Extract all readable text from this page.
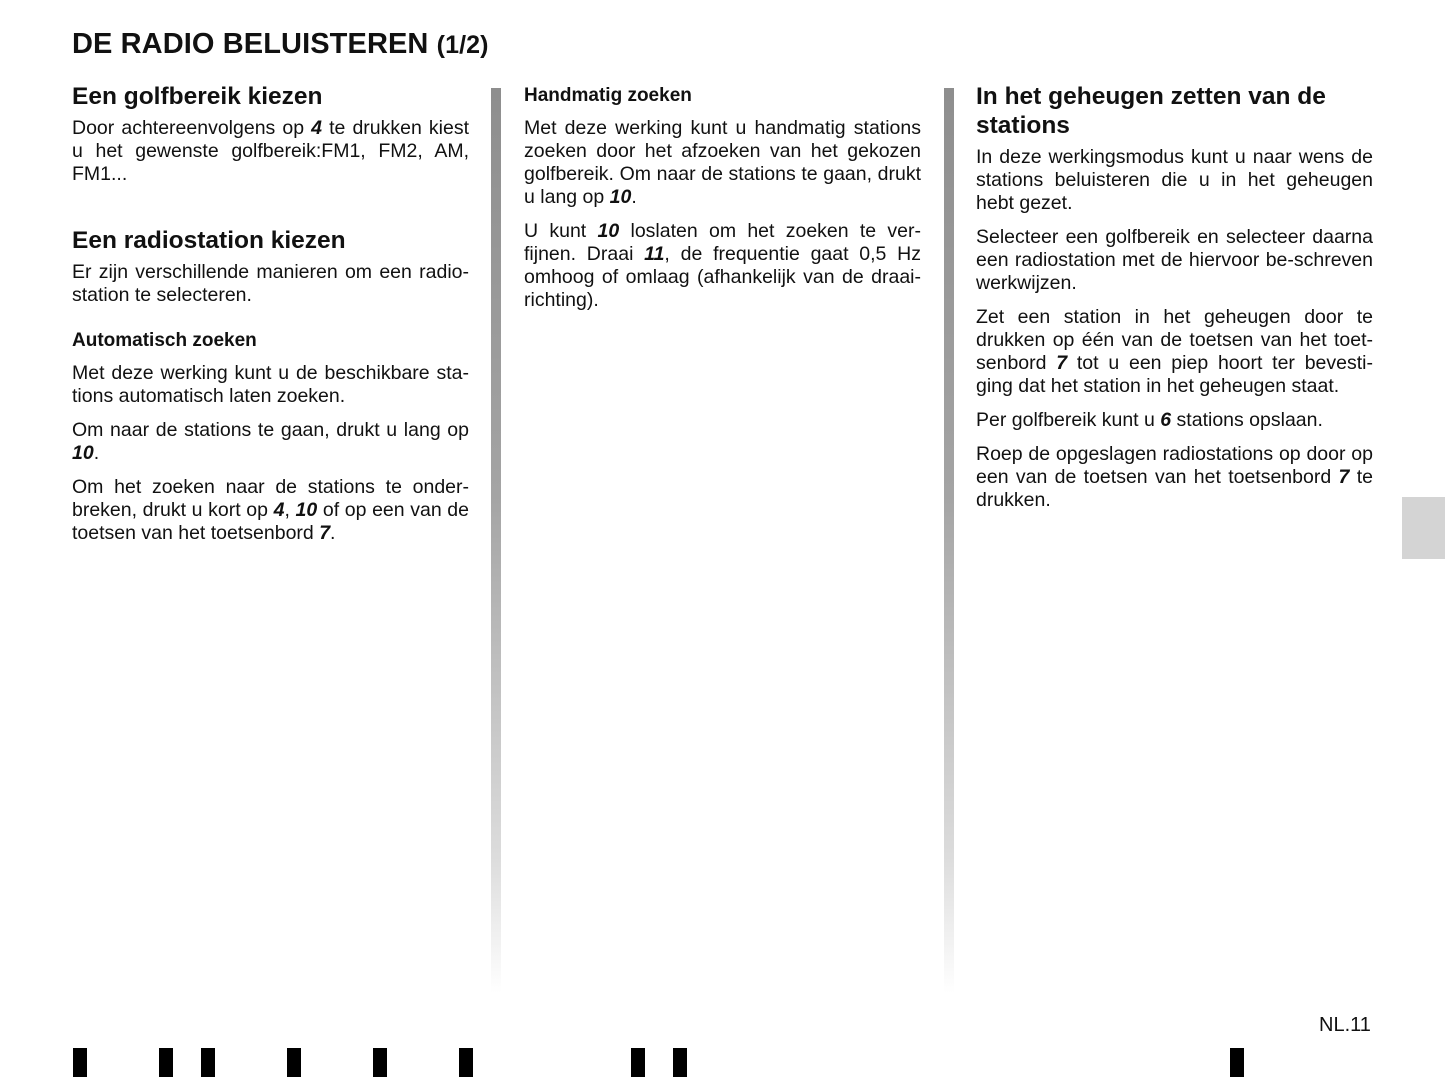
DE RADIO BELUISTEREN (1/2)
Een golfbereik kiezen

Door achtereenvolgens op 4 te drukken kiest u het gewenste golfbereik:FM1, FM2, AM, FM1...

Een radiostation kiezen

Er zijn verschillende manieren om een radio-station te selecteren.

Automatisch zoeken

Met deze werking kunt u de beschikbare sta-tions automatisch laten zoeken.

Om naar de stations te gaan, drukt u lang op 10.

Om het zoeken naar de stations te onder-breken, drukt u kort op 4, 10 of op een van de toetsen van het toetsenbord 7.

Handmatig zoeken

Met deze werking kunt u handmatig stations zoeken door het afzoeken van het gekozen golfbereik. Om naar de stations te gaan, drukt u lang op 10.

U kunt 10 loslaten om het zoeken te ver-fijnen. Draai 11, de frequentie gaat 0,5 Hz omhoog of omlaag (afhankelijk van de draai-richting).

In het geheugen zetten van de stations

In deze werkingsmodus kunt u naar wens de stations beluisteren die u in het geheugen hebt gezet.

Selecteer een golfbereik en selecteer daarna een radiostation met de hiervoor be-schreven werkwijzen.

Zet een station in het geheugen door te drukken op één van de toetsen van het toet-senbord 7 tot u een piep hoort ter bevesti-ging dat het station in het geheugen staat.

Per golfbereik kunt u 6 stations opslaan.

Roep de opgeslagen radiostations op door op een van de toetsen van het toetsenbord 7 te drukken.

NL.11
